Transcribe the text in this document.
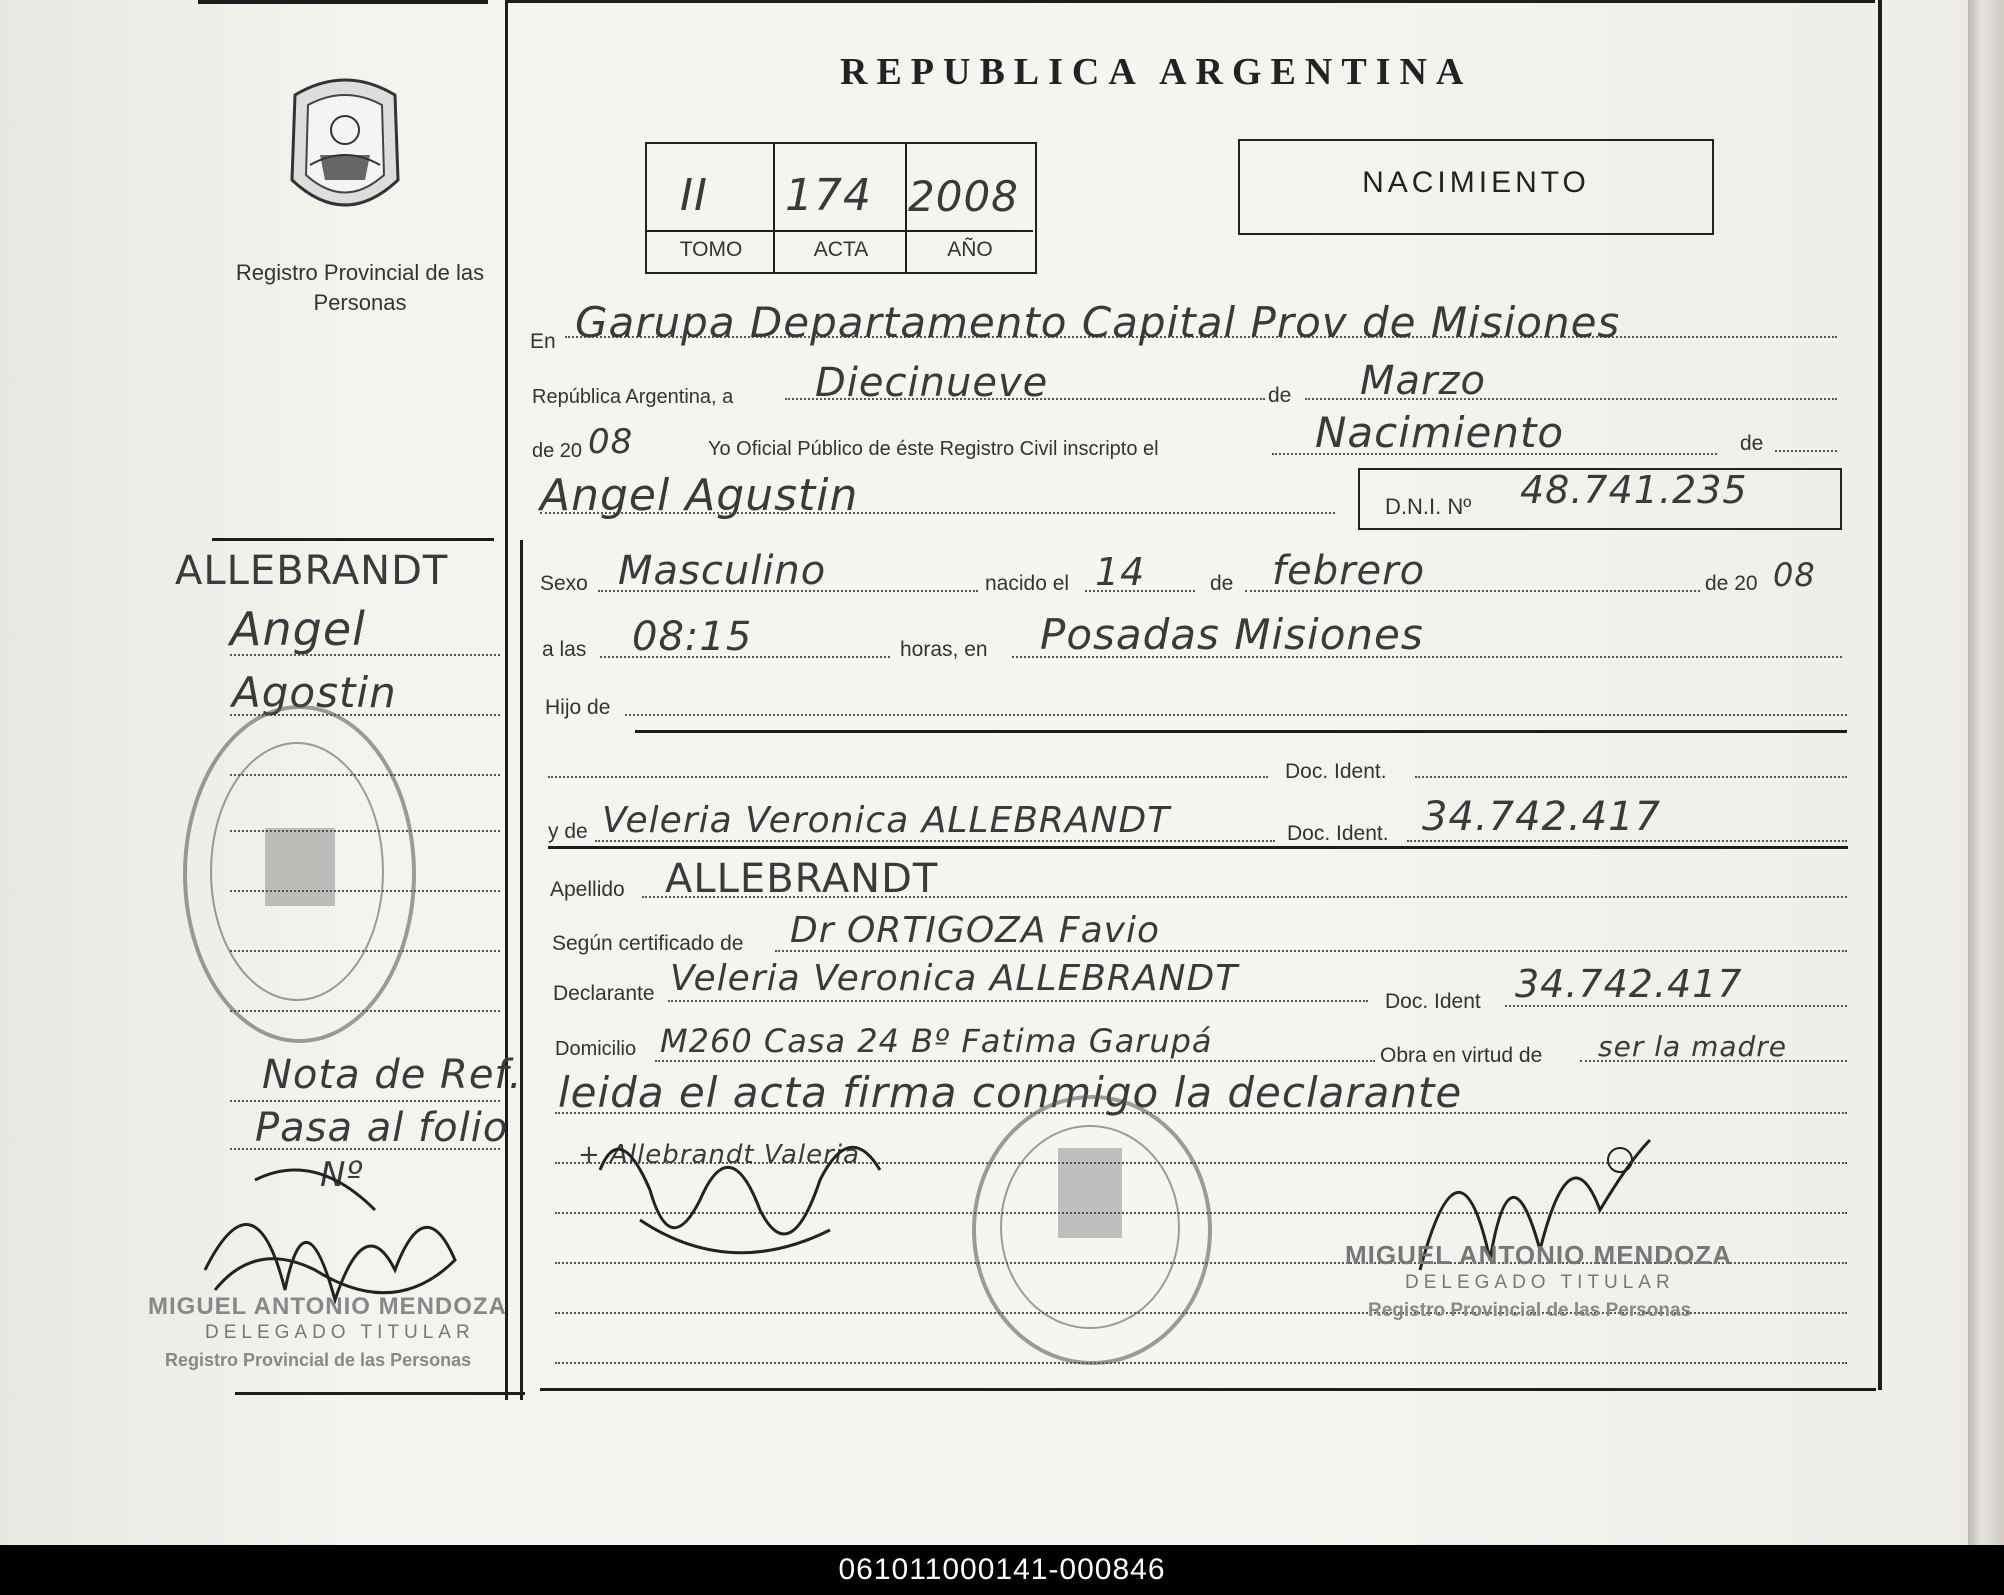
Registro Provincial de las Personas
REPUBLICA ARGENTINA
II 174 2008
TOMO	ACTA	AÑO
NACIMIENTO
En Garupa Departamento Capital Prov de Misiones
República Argentina, a Diecinueve	de Marzo
de 20 08	Yo Oficial Público de éste Registro Civil inscripto el	Nacimiento	de
Angel Agustin	D.N.I. Nº 48.741.235
ALLEBRANDT
Angel
Agostin
Nota de Ref.
Pasa al folio
Nº
MIGUEL ANTONIO MENDOZA
DELEGADO TITULAR
Registro Provincial de las Personas
Sexo Masculino	nacido el 14	de febrero	de 20 08
a las 08:15	horas, en Posadas Misiones
Hijo de
Doc. Ident.
y de Veleria Veronica ALLEBRANDT	Doc. Ident. 34.742.417
Apellido ALLEBRANDT
Según certificado de Dr ORTIGOZA Favio
Declarante Veleria Veronica ALLEBRANDT
Doc. Ident 34.742.417
Domicilio M260 Casa 24 Bº Fatima Garupá	Obra en virtud de ser la madre
leida el acta firma conmigo la declarante
+ Allebrandt Valeria
MIGUEL ANTONIO MENDOZA
DELEGADO TITULAR
Registro Provincial de las Personas
061011000141-000846
